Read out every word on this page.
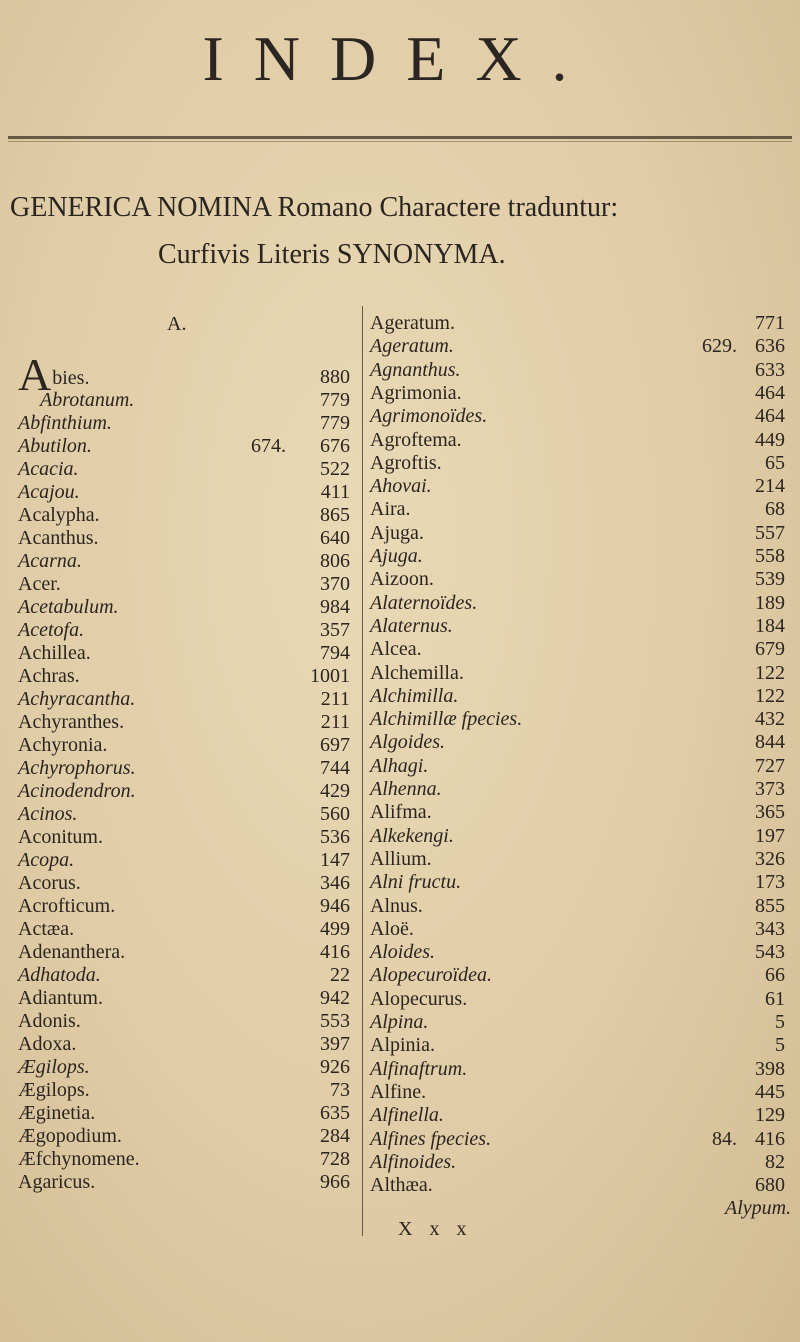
INDEX.
GENERICA NOMINA Romano Charactere traduntur:
Curfivis Literis SYNONYMA.
A.
Abies.	880
Abrotanum.	779
Abfinthium.	779
Abutilon.	674. 676
Acacia.	522
Acajou.	411
Acalypha.	865
Acanthus.	640
Acarna.	806
Acer.	370
Acetabulum.	984
Acetofa.	357
Achillea.	794
Achras.	1001
Achyracantha.	211
Achyranthes.	211
Achyronia.	697
Achyrophorus.	744
Acinodendron.	429
Acinos.	560
Aconitum.	536
Acopa.	147
Acorus.	346
Acrofticum.	946
Actæa.	499
Adenanthera.	416
Adhatoda.	22
Adiantum.	942
Adonis.	553
Adoxa.	397
Ægilops.	926
Ægilops.	73
Æginetia.	635
Ægopodium.	284
Æfchynomene.	728
Agaricus.	966
Ageratum.	771
Ageratum.	629. 636
Agnanthus.	633
Agrimonia.	464
Agrimonoïdes.	464
Agroftema.	449
Agroftis.	65
Ahovai.	214
Aira.	68
Ajuga.	557
Ajuga.	558
Aizoon.	539
Alaternoïdes.	189
Alaternus.	184
Alcea.	679
Alchemilla.	122
Alchimilla.	122
Alchimillæ fpecies.	432
Algoides.	844
Alhagi.	727
Alhenna.	373
Alifma.	365
Alkekengi.	197
Allium.	326
Alni fructu.	173
Alnus.	855
Aloë.	343
Aloides.	543
Alopecuroïdea.	66
Alopecurus.	61
Alpina.	5
Alpinia.	5
Alfinaftrum.	398
Alfine.	445
Alfinella.	129
Alfines fpecies.	84. 416
Alfinoides.	82
Althæa.	680
Alypum.
X x x
